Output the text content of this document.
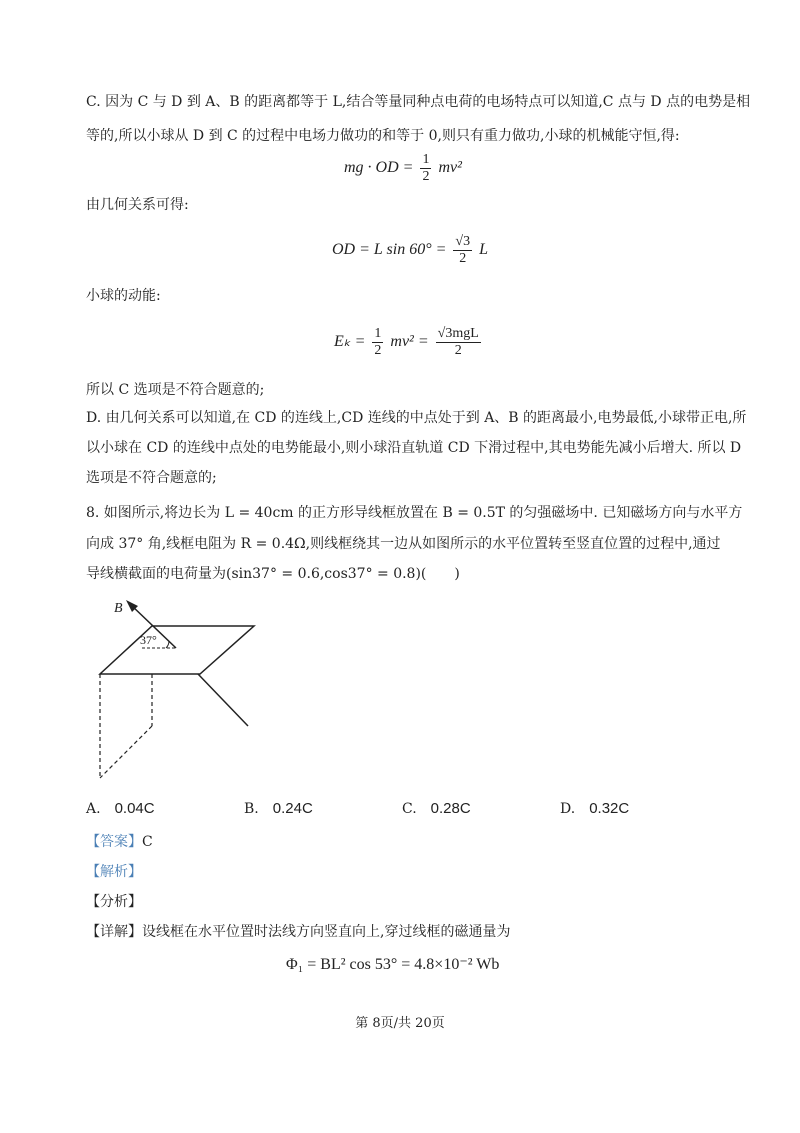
C. 因为 C 与 D 到 A、B 的距离都等于 L,结合等量同种点电荷的电场特点可以知道,C 点与 D 点的电势是相
等的,所以小球从 D 到 C 的过程中电场力做功的和等于 0,则只有重力做功,小球的机械能守恒,得:
mg · OD = $\frac{1}{2} mv^2$
由几何关系可得:
OD = L $\sin 60^\circ = \frac{√3}{2}$ L
小球的动能:
$E_k = \frac{1}{2} mv^2 = \frac{\text{√3mgL}}{2}$
所以 C 选项是不符合题意的;
D. 由几何关系可以知道,在 CD 的连线上,CD 连线的中点处于到 A、B 的距离最小,电势最低,小球带正电,所
以小球在 CD 的连线中点处的电势能最小,则小球沿直轨道 CD 下滑过程中,其电势能先减小后增大. 所以 D
选项是不符合题意的;
8. 如图所示,将边长为 L = 40cm 的正方形导线框放置在 B = 0.5T 的匀强磁场中. 已知磁场方向与水平方
向成 37° 角,线框电阻为 R = 0.4Ω,则线框绕其一边从如图所示的水平位置转至竖直位置的过程中,通过
导线横截面的电荷量为(sin37° = 0.6,cos37° = 0.8)(　　)
B
37°
A.　 0.04C	B.　 0.24C	C.　 0.28C	D.　 0.32C
【答案】C
【解析】
【分析】
【详解】设线框在水平位置时法线方向竖直向上,穿过线框的磁通量为
Φ₁ = BL² cos 53° = 4.8×10⁻² Wb
第 8页/共 20页
